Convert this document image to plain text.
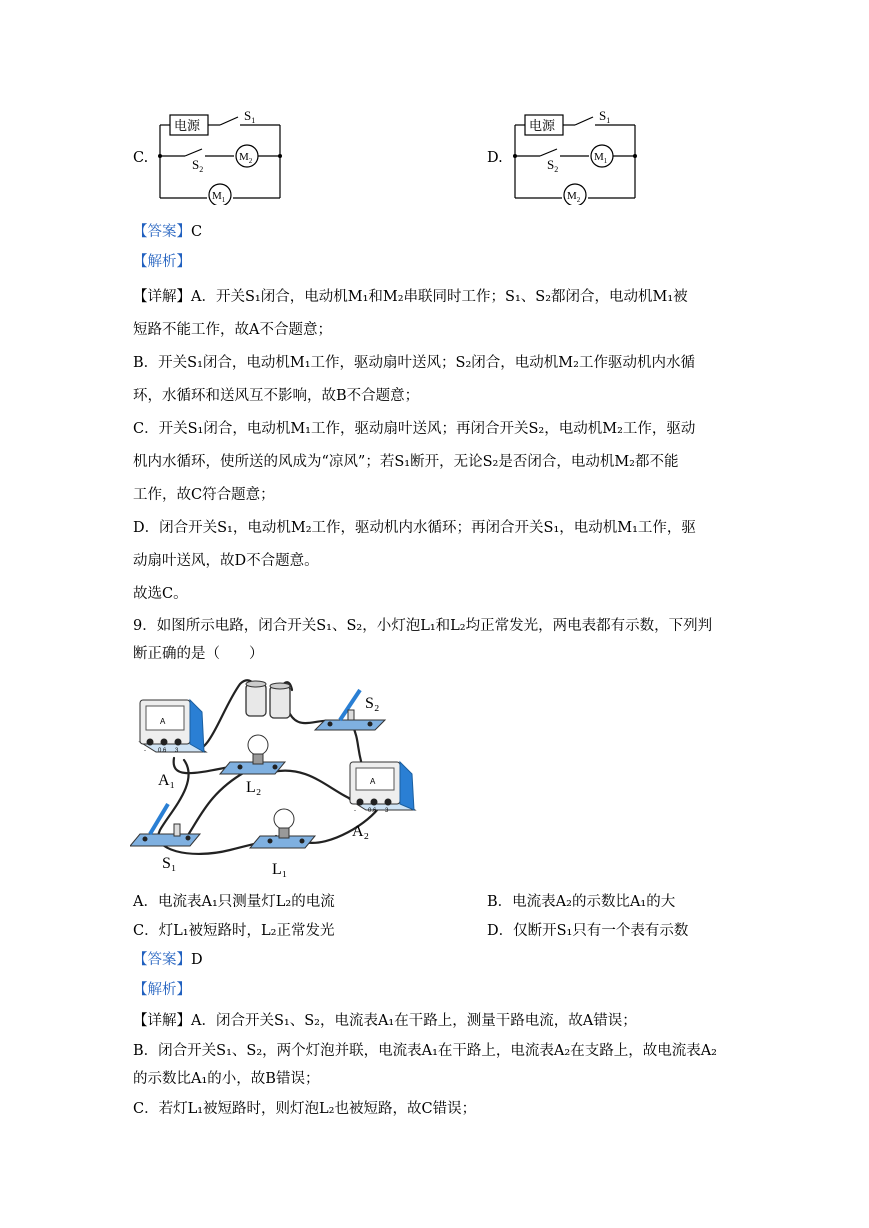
C.
电源
$S_1$
$S_2$
$M_2$
$M_1$
D.
电源
$S_1$
$S_2$
$M_1$
$M_2$
【答案】C
【解析】
【详解】A．开关S₁闭合，电动机M₁和M₂串联同时工作；S₁、S₂都闭合，电动机M₁被
短路不能工作，故A不合题意；
B．开关S₁闭合，电动机M₁工作，驱动扇叶送风；S₂闭合，电动机M₂工作驱动机内水循
环，水循环和送风互不影响，故B不合题意；
C．开关S₁闭合，电动机M₁工作，驱动扇叶送风；再闭合开关S₂，电动机M₂工作，驱动
机内水循环，使所送的风成为“凉风”；若S₁断开，无论S₂是否闭合，电动机M₂都不能
工作，故C符合题意；
D．闭合开关S₁，电动机M₂工作，驱动机内水循环；再闭合开关S₁，电动机M₁工作，驱
动扇叶送风，故D不合题意。
故选C。
9．如图所示电路，闭合开关S₁、S₂，小灯泡L₁和L₂均正常发光，两电表都有示数，下列判
断正确的是（　　）
A
- 0.6 3
A₁	L₂
S₂
A
- 0.6 3
A₂
S₁	L₁
A．电流表A₁只测量灯L₂的电流	B．电流表A₂的示数比A₁的大
C．灯L₁被短路时，L₂正常发光	D．仅断开S₁只有一个表有示数
【答案】D
【解析】
【详解】A．闭合开关S₁、S₂，电流表A₁在干路上，测量干路电流，故A错误；
B．闭合开关S₁、S₂，两个灯泡并联，电流表A₁在干路上，电流表A₂在支路上，故电流表A₂
的示数比A₁的小，故B错误；
C．若灯L₁被短路时，则灯泡L₂也被短路，故C错误；
